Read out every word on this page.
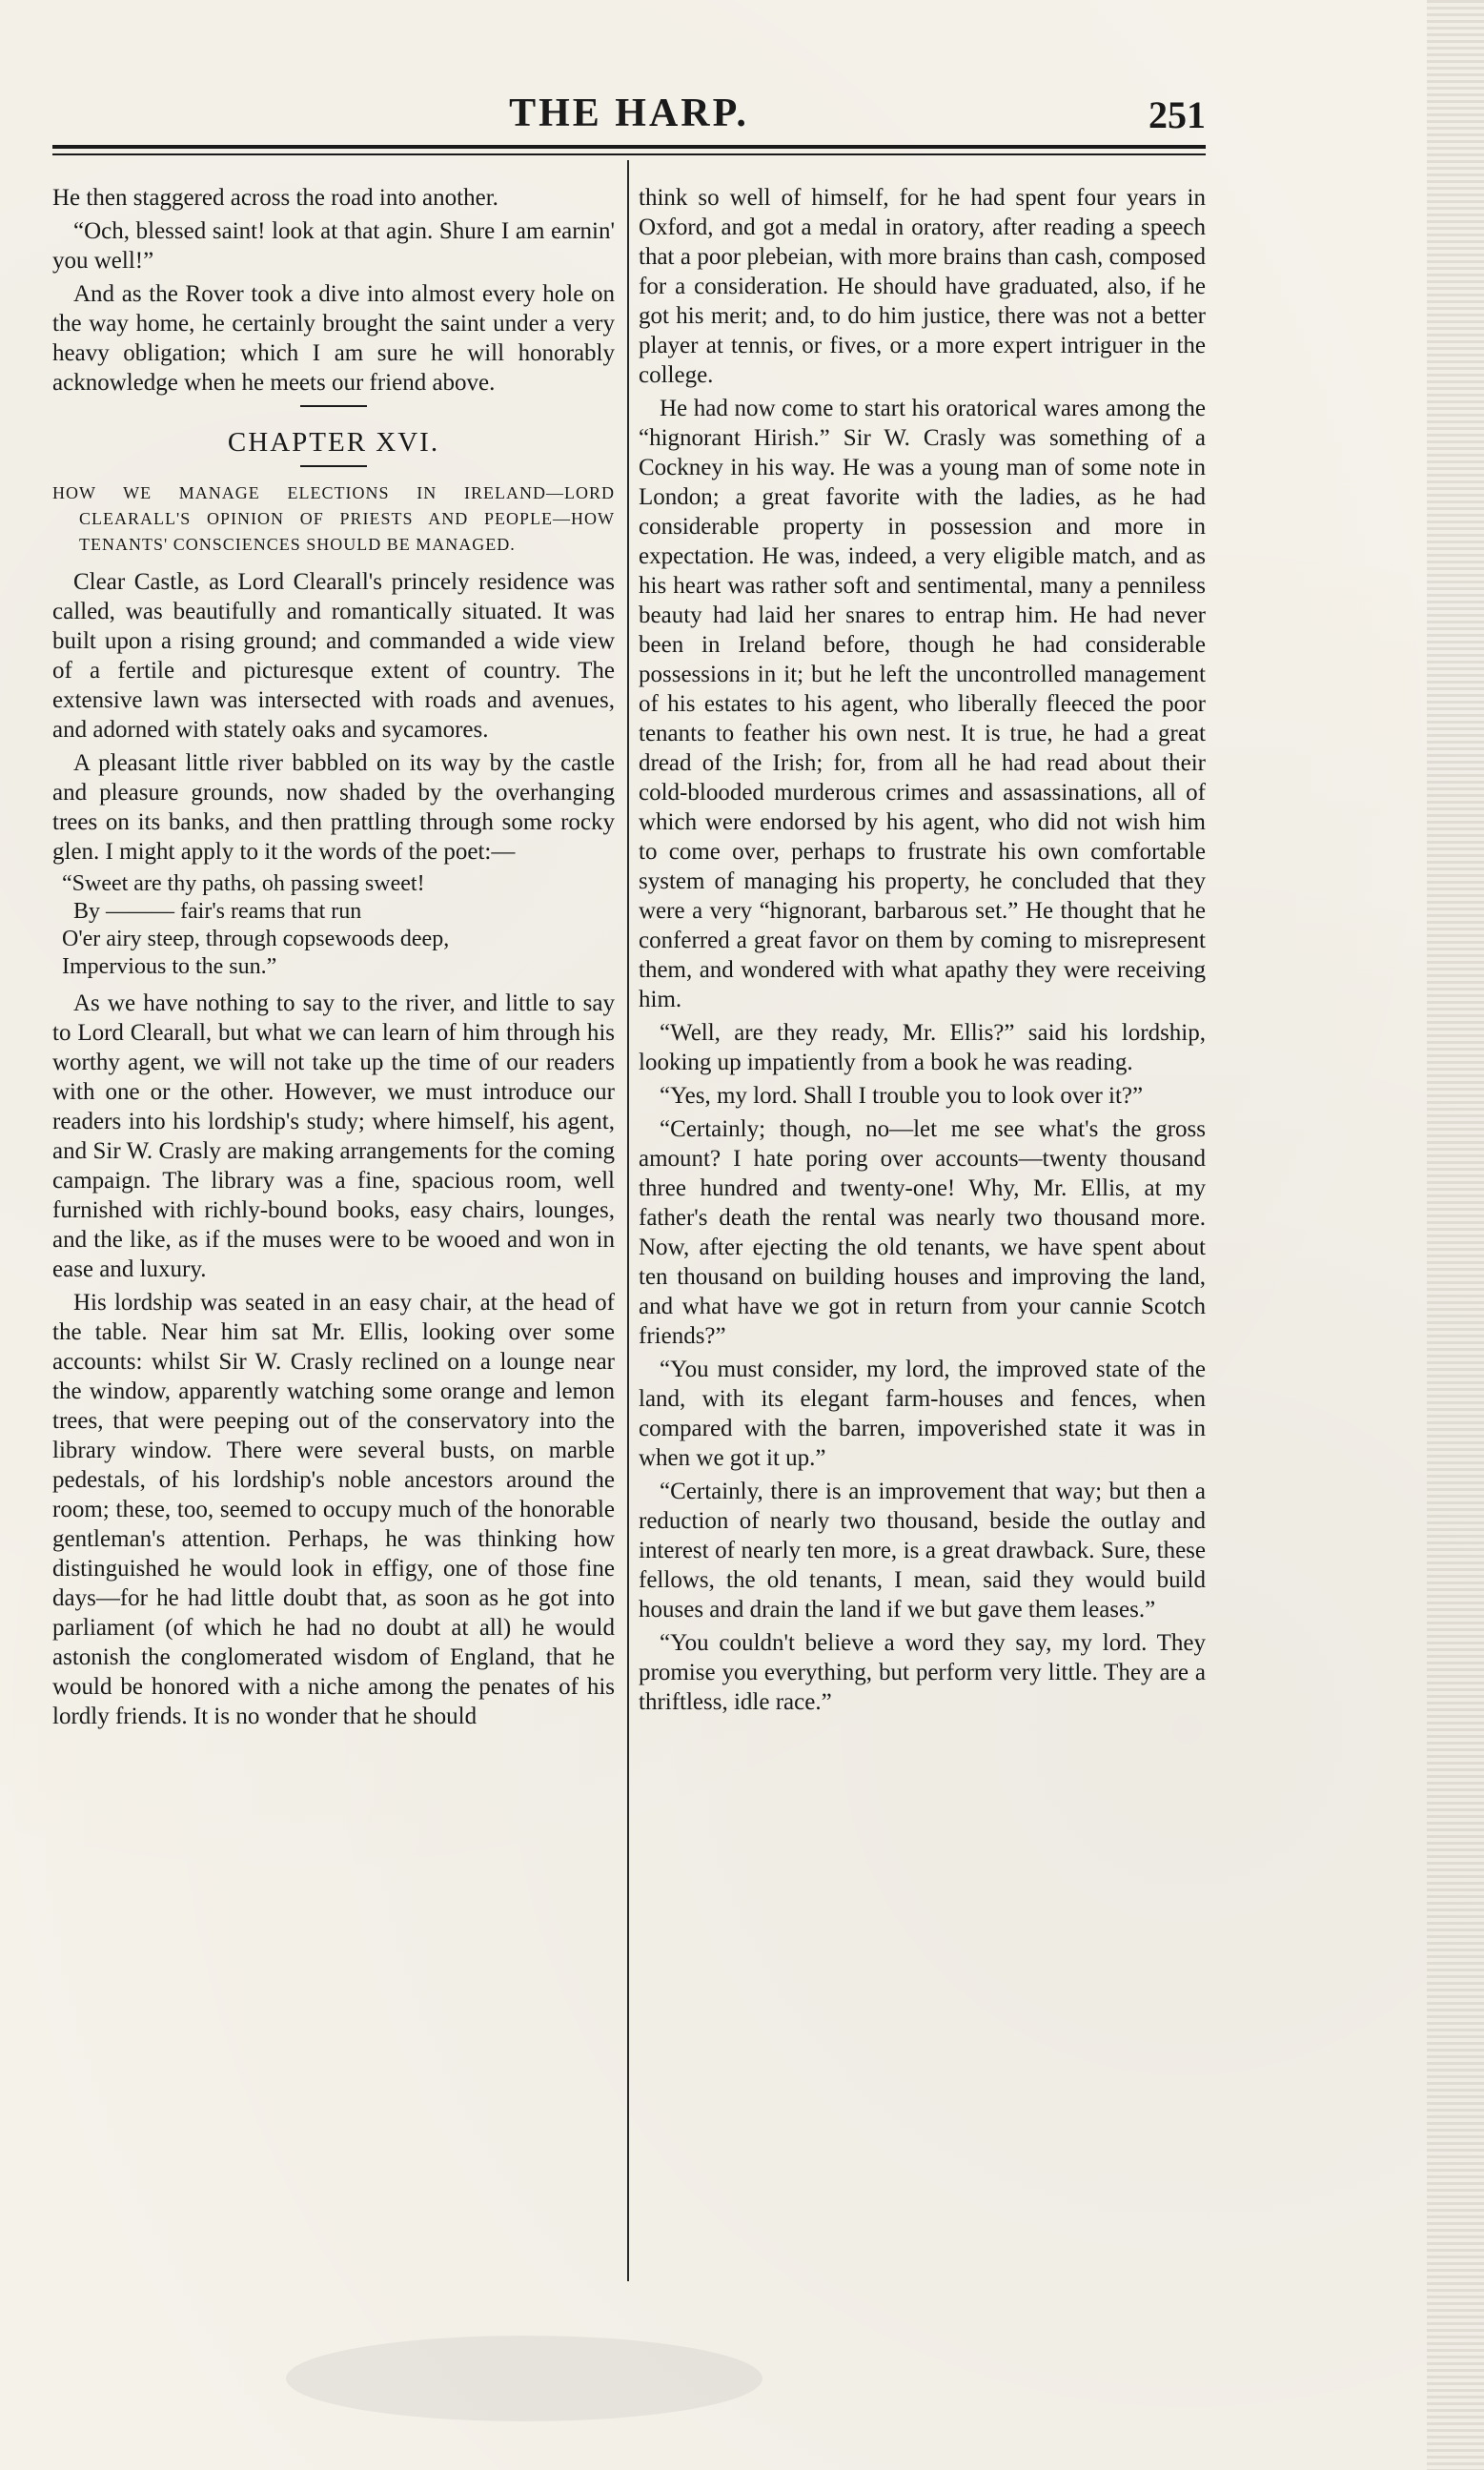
THE HARP.	251

He then staggered across the road into another.

“Och, blessed saint! look at that agin. Shure I am earnin' you well!”

And as the Rover took a dive into almost every hole on the way home, he certainly brought the saint under a very heavy obligation; which I am sure he will honorably acknowledge when he meets our friend above.

CHAPTER XVI.
HOW WE MANAGE ELECTIONS IN IRELAND—LORD CLEARALL'S OPINION OF PRIESTS AND PEOPLE—HOW TENANTS' CONSCIENCES SHOULD BE MANAGED.

Clear Castle, as Lord Clearall's princely residence was called, was beautifully and romantically situated. It was built upon a rising ground; and commanded a wide view of a fertile and picturesque extent of country. The extensive lawn was intersected with roads and avenues, and adorned with stately oaks and sycamores.

A pleasant little river babbled on its way by the castle and pleasure grounds, now shaded by the overhanging trees on its banks, and then prattling through some rocky glen. I might apply to it the words of the poet:—

“Sweet are thy paths, oh passing sweet!
By ——— fair's reams that run
O'er airy steep, through copsewoods deep,
Impervious to the sun.”

As we have nothing to say to the river, and little to say to Lord Clearall, but what we can learn of him through his worthy agent, we will not take up the time of our readers with one or the other. However, we must introduce our readers into his lordship's study; where himself, his agent, and Sir W. Crasly are making arrangements for the coming campaign. The library was a fine, spacious room, well furnished with richly-bound books, easy chairs, lounges, and the like, as if the muses were to be wooed and won in ease and luxury.

His lordship was seated in an easy chair, at the head of the table. Near him sat Mr. Ellis, looking over some accounts: whilst Sir W. Crasly reclined on a lounge near the window, apparently watching some orange and lemon trees, that were peeping out of the conservatory into the library window. There were several busts, on marble pedestals, of his lordship's noble ancestors around the room; these, too, seemed to occupy much of the honorable gentleman's attention. Perhaps, he was thinking how distinguished he would look in effigy, one of those fine days—for he had little doubt that, as soon as he got into parliament (of which he had no doubt at all) he would astonish the conglomerated wisdom of England, that he would be honored with a niche among the penates of his lordly friends. It is no wonder that he should

think so well of himself, for he had spent four years in Oxford, and got a medal in oratory, after reading a speech that a poor plebeian, with more brains than cash, composed for a consideration. He should have graduated, also, if he got his merit; and, to do him justice, there was not a better player at tennis, or fives, or a more expert intriguer in the college.

He had now come to start his oratorical wares among the “hignorant Hirish.” Sir W. Crasly was something of a Cockney in his way. He was a young man of some note in London; a great favorite with the ladies, as he had considerable property in possession and more in expectation. He was, indeed, a very eligible match, and as his heart was rather soft and sentimental, many a penniless beauty had laid her snares to entrap him. He had never been in Ireland before, though he had considerable possessions in it; but he left the uncontrolled management of his estates to his agent, who liberally fleeced the poor tenants to feather his own nest. It is true, he had a great dread of the Irish; for, from all he had read about their cold-blooded murderous crimes and assassinations, all of which were endorsed by his agent, who did not wish him to come over, perhaps to frustrate his own comfortable system of managing his property, he concluded that they were a very “hignorant, barbarous set.” He thought that he conferred a great favor on them by coming to misrepresent them, and wondered with what apathy they were receiving him.

“Well, are they ready, Mr. Ellis?” said his lordship, looking up impatiently from a book he was reading.

“Yes, my lord. Shall I trouble you to look over it?”

“Certainly; though, no—let me see what's the gross amount? I hate poring over accounts—twenty thousand three hundred and twenty-one! Why, Mr. Ellis, at my father's death the rental was nearly two thousand more. Now, after ejecting the old tenants, we have spent about ten thousand on building houses and improving the land, and what have we got in return from your cannie Scotch friends?”

“You must consider, my lord, the improved state of the land, with its elegant farm-houses and fences, when compared with the barren, impoverished state it was in when we got it up.”

“Certainly, there is an improvement that way; but then a reduction of nearly two thousand, beside the outlay and interest of nearly ten more, is a great drawback. Sure, these fellows, the old tenants, I mean, said they would build houses and drain the land if we but gave them leases.”

“You couldn't believe a word they say, my lord. They promise you everything, but perform very little. They are a thriftless, idle race.”
